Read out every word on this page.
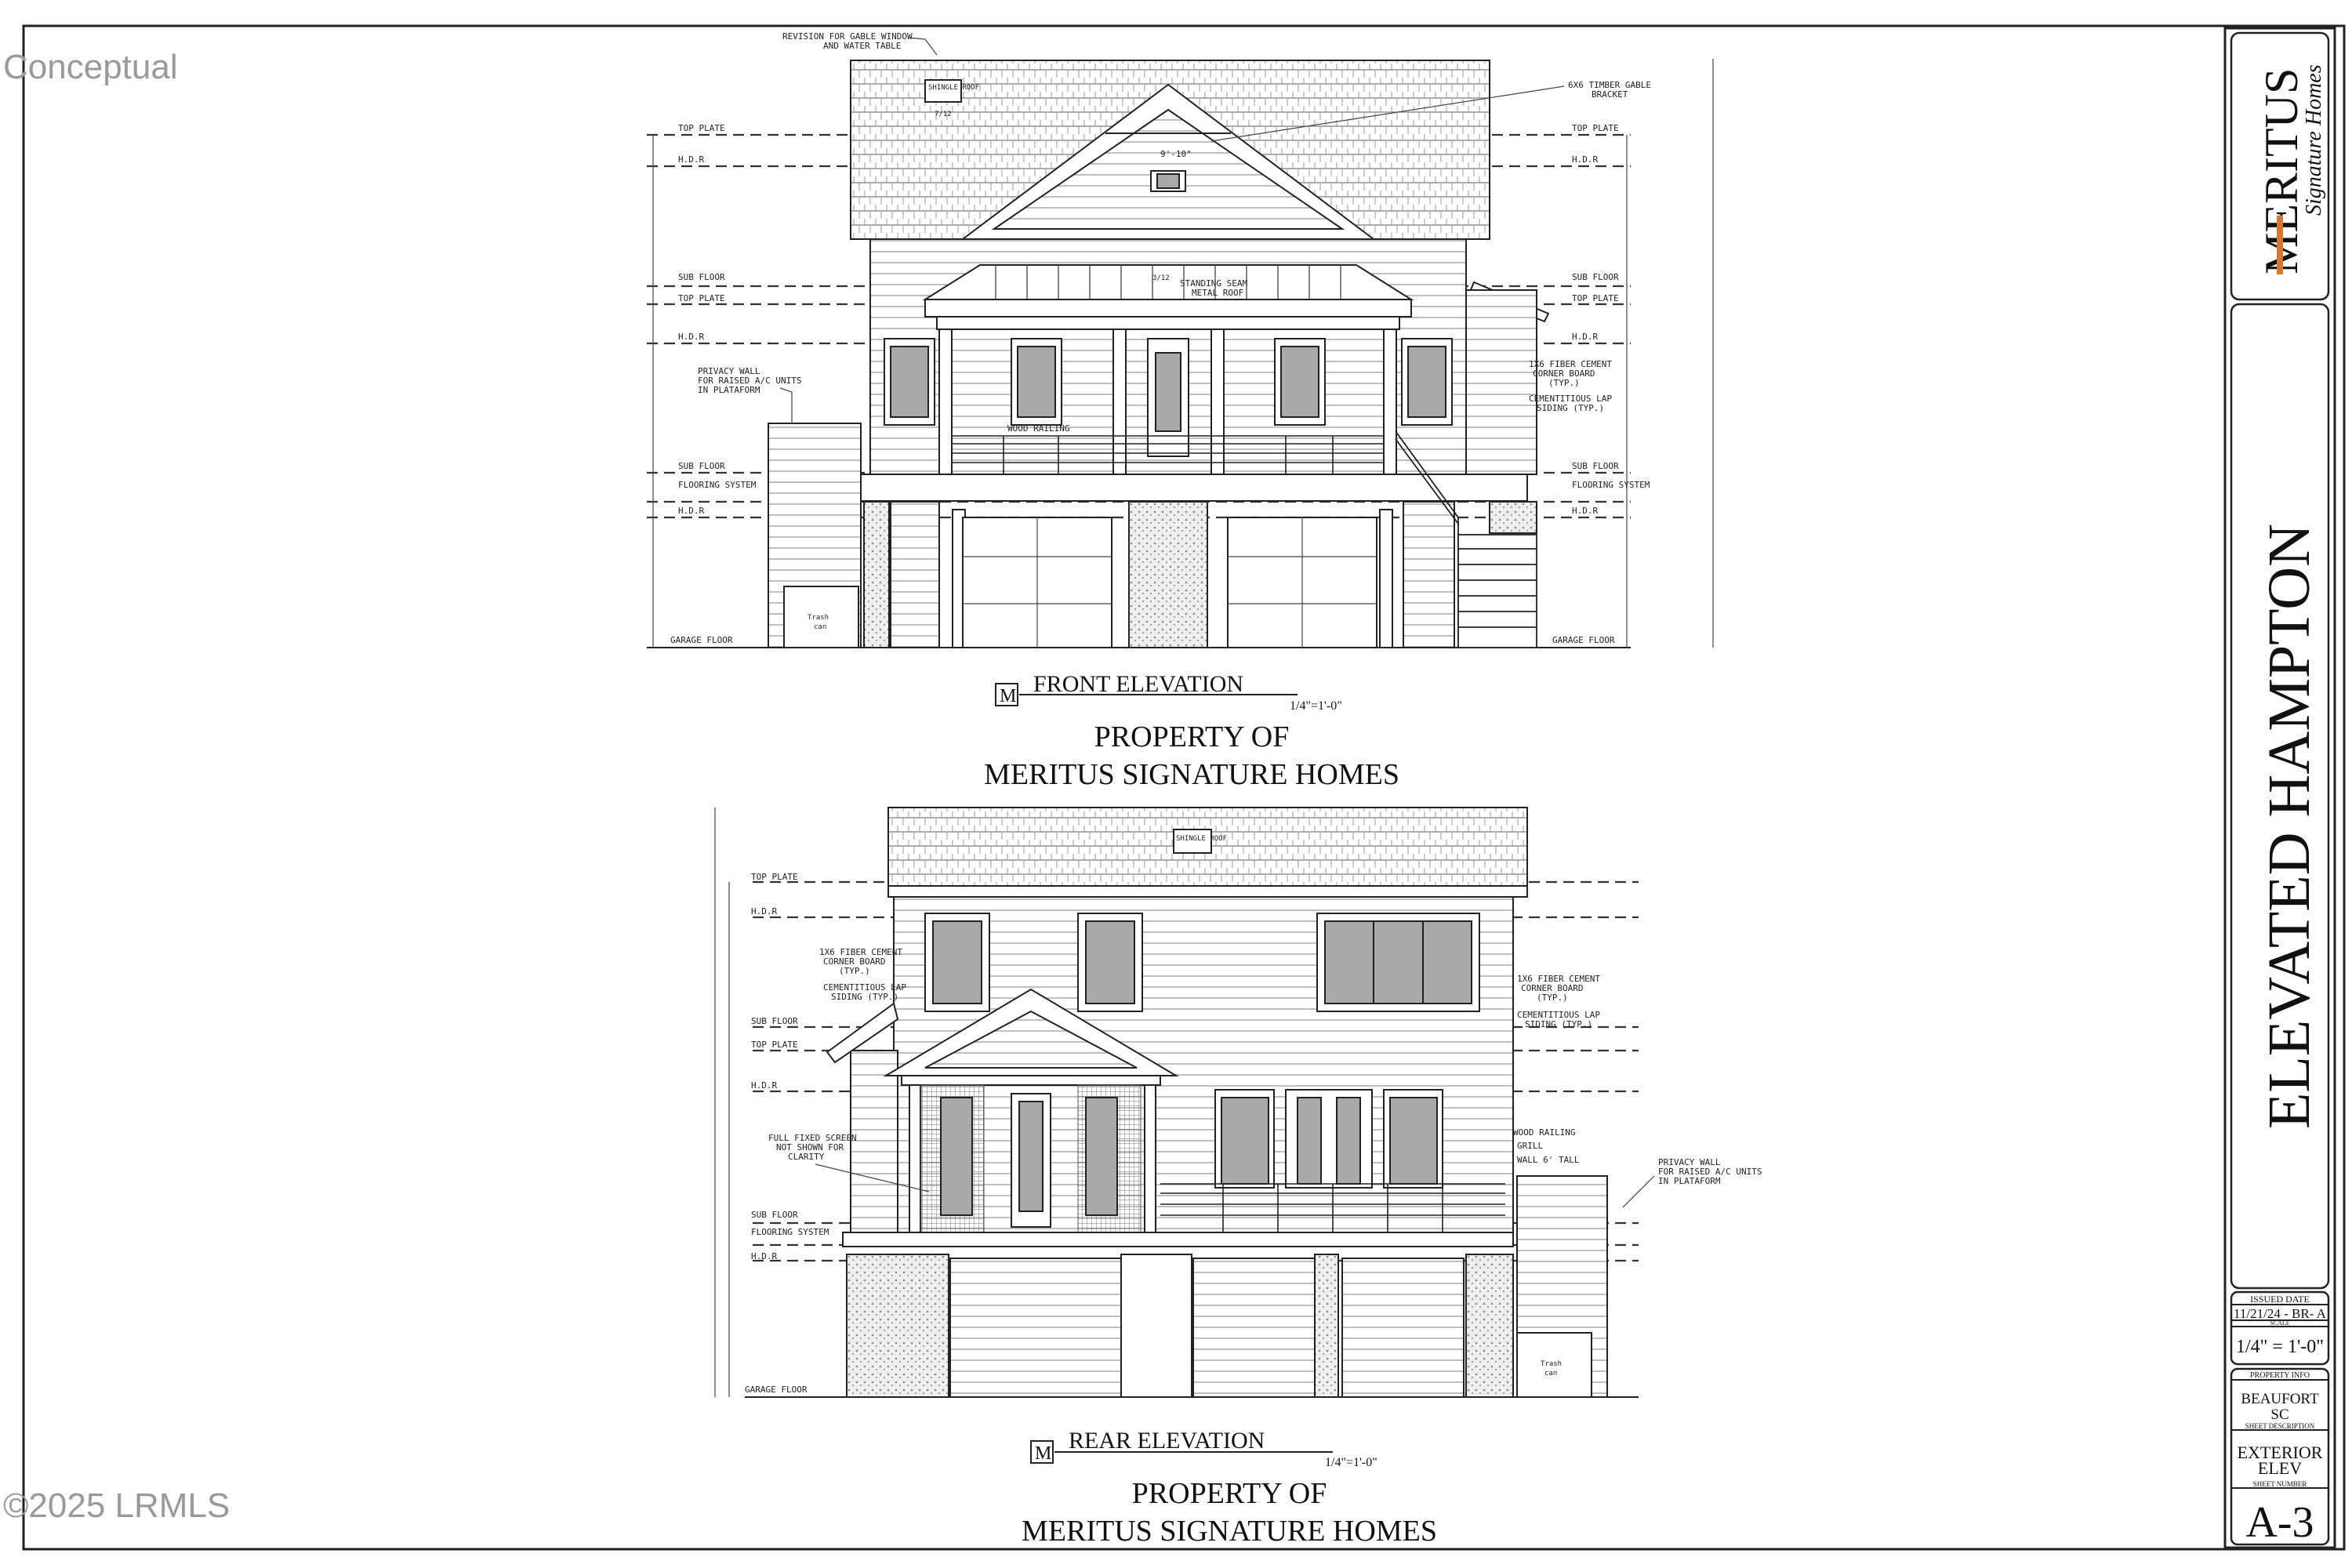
Conceptual
©2025 LRMLS
MERITUS
Signature Homes
ELEVATED HAMPTON
ISSUED DATE
11/21/24 - BR- A
SCALE
1/4" = 1'-0"
PROPERTY INFO
BEAUFORT
SC
SHEET DESCRIPTION
EXTERIOR
ELEV
SHEET NUMBER
A-3
TOP PLATE	TOP PLATE
H.D.R	H.D.R
SUB FLOOR	SUB FLOOR
TOP PLATE	TOP PLATE
H.D.R	H.D.R
SUB FLOOR	SUB FLOOR
FLOORING SYSTEM	FLOORING SYSTEM
H.D.R	H.D.R
GARAGE FLOOR	GARAGE FLOOR
REVISION FOR GABLE WINDOW
AND WATER TABLE
SHINGLE ROOF
7/12
9'-10"
6X6 TIMBER GABLE
BRACKET
3/12 STANDING SEAM
METAL ROOF
PRIVACY WALL
FOR RAISED A/C UNITS
IN PLATAFORM
WOOD RAILING
1X6 FIBER CEMENT
CORNER BOARD
(TYP.)
CEMENTITIOUS LAP
SIDING (TYP.)
Trash
can
M FRONT ELEVATION
1/4"=1'-0"
PROPERTY OF
MERITUS SIGNATURE HOMES
TOP PLATE
H.D.R
SUB FLOOR
TOP PLATE
H.D.R
SUB FLOOR
FLOORING SYSTEM
H.D.R
GARAGE FLOOR
SHINGLE ROOF
1X6 FIBER CEMENT
CORNER BOARD
(TYP.)
CEMENTITIOUS LAP
SIDING (TYP.)
1X6 FIBER CEMENT
CORNER BOARD
(TYP.)
CEMENTITIOUS LAP
SIDING (TYP.)
FULL FIXED SCREEN
NOT SHOWN FOR
CLARITY
WOOD RAILING
GRILL
WALL 6' TALL	PRIVACY WALL
FOR RAISED A/C UNITS
IN PLATAFORM
Trash
can
M REAR ELEVATION
1/4"=1'-0"
PROPERTY OF
MERITUS SIGNATURE HOMES
